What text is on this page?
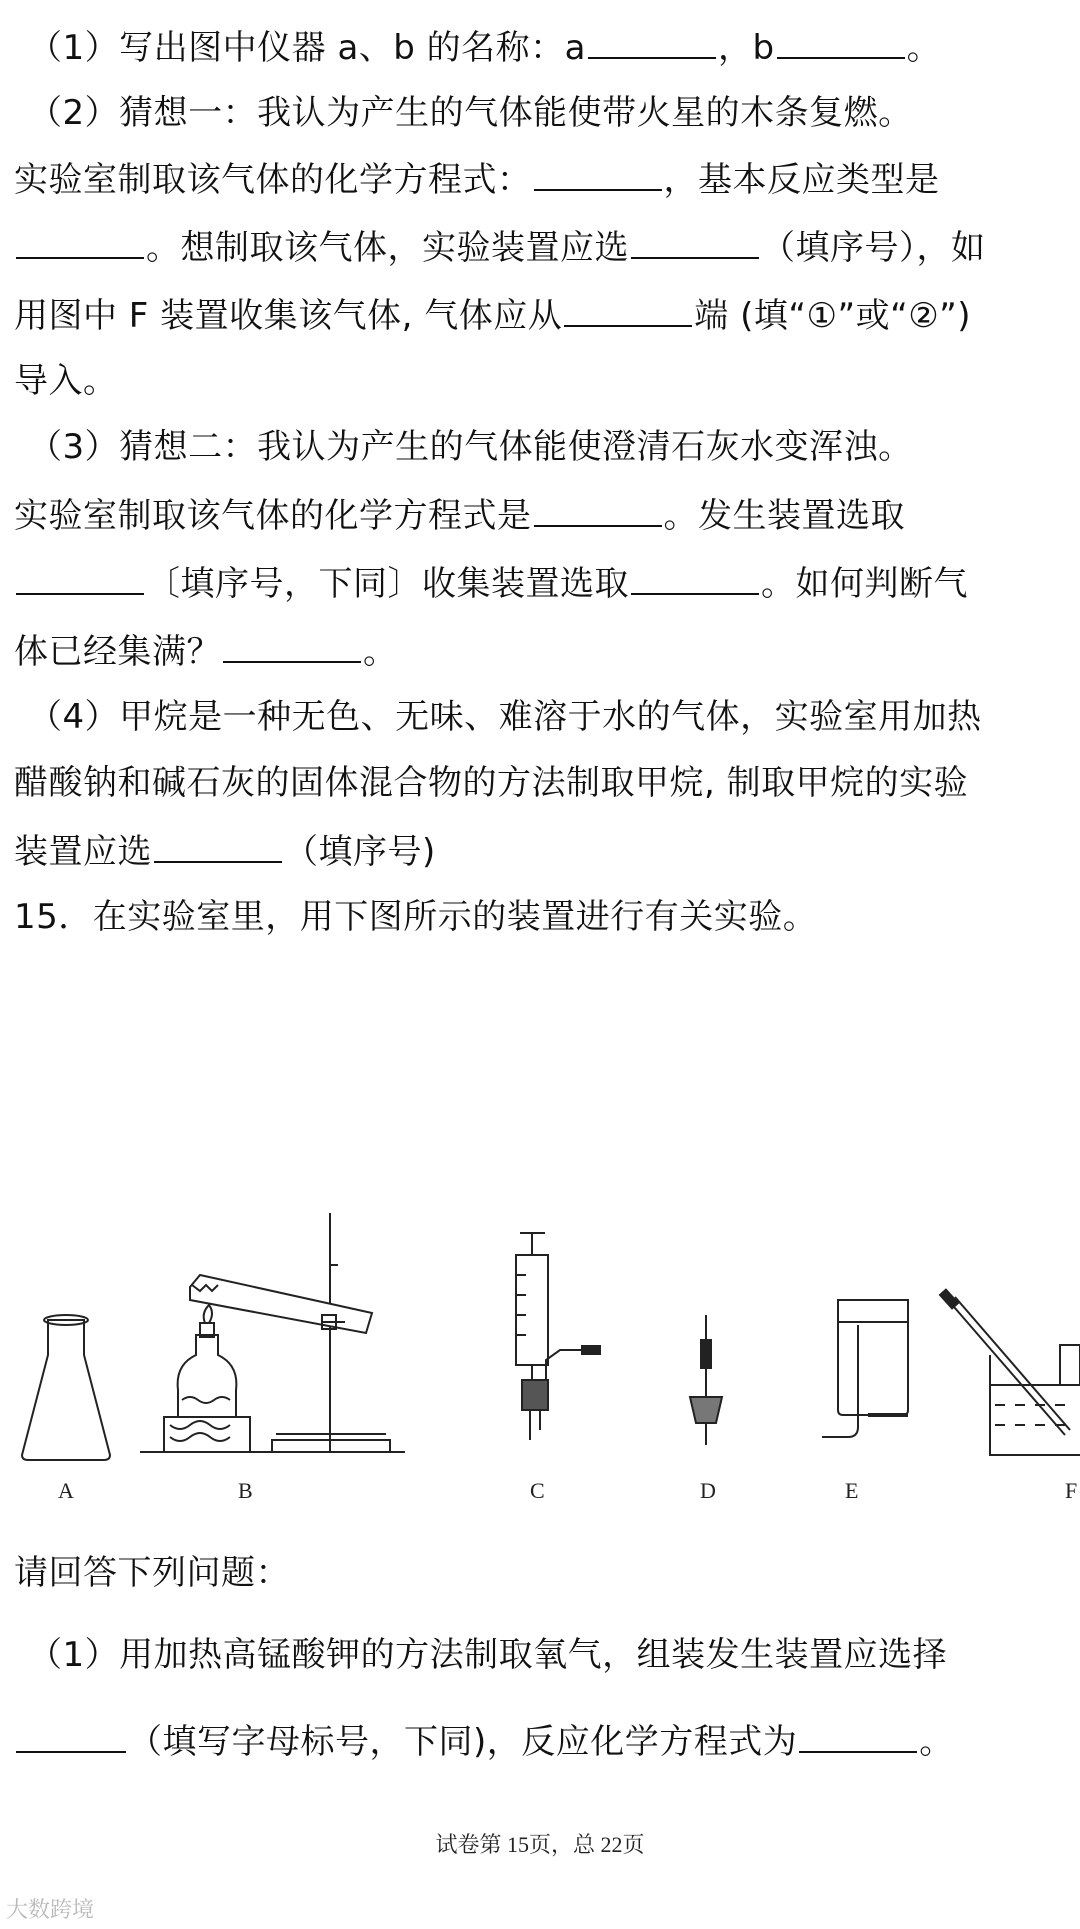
（1）写出图中仪器 a、b 的名称：a	，b	。
（2）猜想一：我认为产生的气体能使带火星的木条复燃。
实验室制取该气体的化学方程式：	，基本反应类型是
。想制取该气体，实验装置应选	（填序号），如
用图中 F 装置收集该气体, 气体应从	端 (填“①”或“②”)
导入。
（3）猜想二：我认为产生的气体能使澄清石灰水变浑浊。
实验室制取该气体的化学方程式是	。发生装置选取
〔填序号，下同〕收集装置选取	。如何判断气
体已经集满？	。
（4）甲烷是一种无色、无味、难溶于水的气体，实验室用加热
醋酸钠和碱石灰的固体混合物的方法制取甲烷, 制取甲烷的实验
装置应选	（填序号)
15．在实验室里，用下图所示的装置进行有关实验。
A	B	C	D	E	F
请回答下列问题：
（1）用加热高锰酸钾的方法制取氧气，组装发生装置应选择
（填写字母标号，下同)，反应化学方程式为	。
试卷第 15页，总 22页
大数跨境
